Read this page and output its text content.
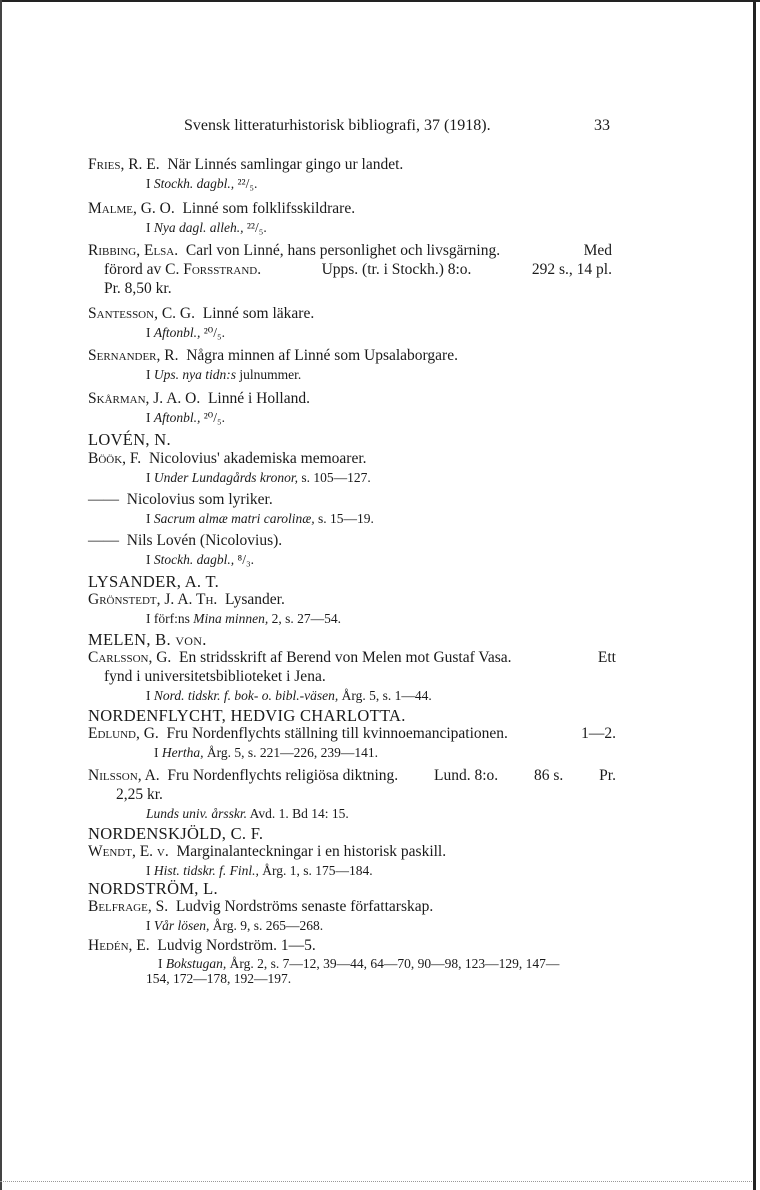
Svensk litteraturhistorisk bibliografi, 37 (1918).	33
Fries, R. E. När Linnés samlingar gingo ur landet.
I Stockh. dagbl., ²²/₅.
Malme, G. O. Linné som folklifsskildrare.
I Nya dagl. alleh., ²²/₅.
Ribbing, Elsa. Carl von Linné, hans personlighet och livsgärning.	Med
förord av C. Forsstrand.	Upps. (tr. i Stockh.) 8:o.	292 s., 14 pl.
Pr. 8,50 kr.
Santesson, C. G. Linné som läkare.
I Aftonbl., ²⁰/₅.
Sernander, R. Några minnen af Linné som Upsalaborgare.
I Ups. nya tidn:s julnummer.
Skårman, J. A. O. Linné i Holland.
I Aftonbl., ²⁰/₅.
LOVÉN, N.
Böök, F. Nicolovius' akademiska memoarer.
I Under Lundagårds kronor, s. 105—127.
—— Nicolovius som lyriker.
I Sacrum almæ matri carolinæ, s. 15—19.
—— Nils Lovén (Nicolovius).
I Stockh. dagbl., ⁸/₃.
LYSANDER, A. T.
Grönstedt, J. A. Th. Lysander.
I förf:ns Mina minnen, 2, s. 27—54.
MELEN, B. von.
Carlsson, G. En stridsskrift af Berend von Melen mot Gustaf Vasa.	Ett
fynd i universitetsbiblioteket i Jena.
I Nord. tidskr. f. bok- o. bibl.-väsen, Årg. 5, s. 1—44.
NORDENFLYCHT, HEDVIG CHARLOTTA.
Edlund, G. Fru Nordenflychts ställning till kvinnoemancipationen.	1—2.
I Hertha, Årg. 5, s. 221—226, 239—141.
Nilsson, A. Fru Nordenflychts religiösa diktning. Lund. 8:o. 86 s. Pr.
2,25 kr.
Lunds univ. årsskr. Avd. 1. Bd 14: 15.
NORDENSKJÖLD, C. F.
Wendt, E. v. Marginalanteckningar i en historisk paskill.
I Hist. tidskr. f. Finl., Årg. 1, s. 175—184.
NORDSTRÖM, L.
Belfrage, S. Ludvig Nordströms senaste författarskap.
I Vår lösen, Årg. 9, s. 265—268.
Hedén, E. Ludvig Nordström. 1—5.
I Bokstugan, Årg. 2, s. 7—12, 39—44, 64—70, 90—98, 123—129, 147—
154, 172—178, 192—197.
